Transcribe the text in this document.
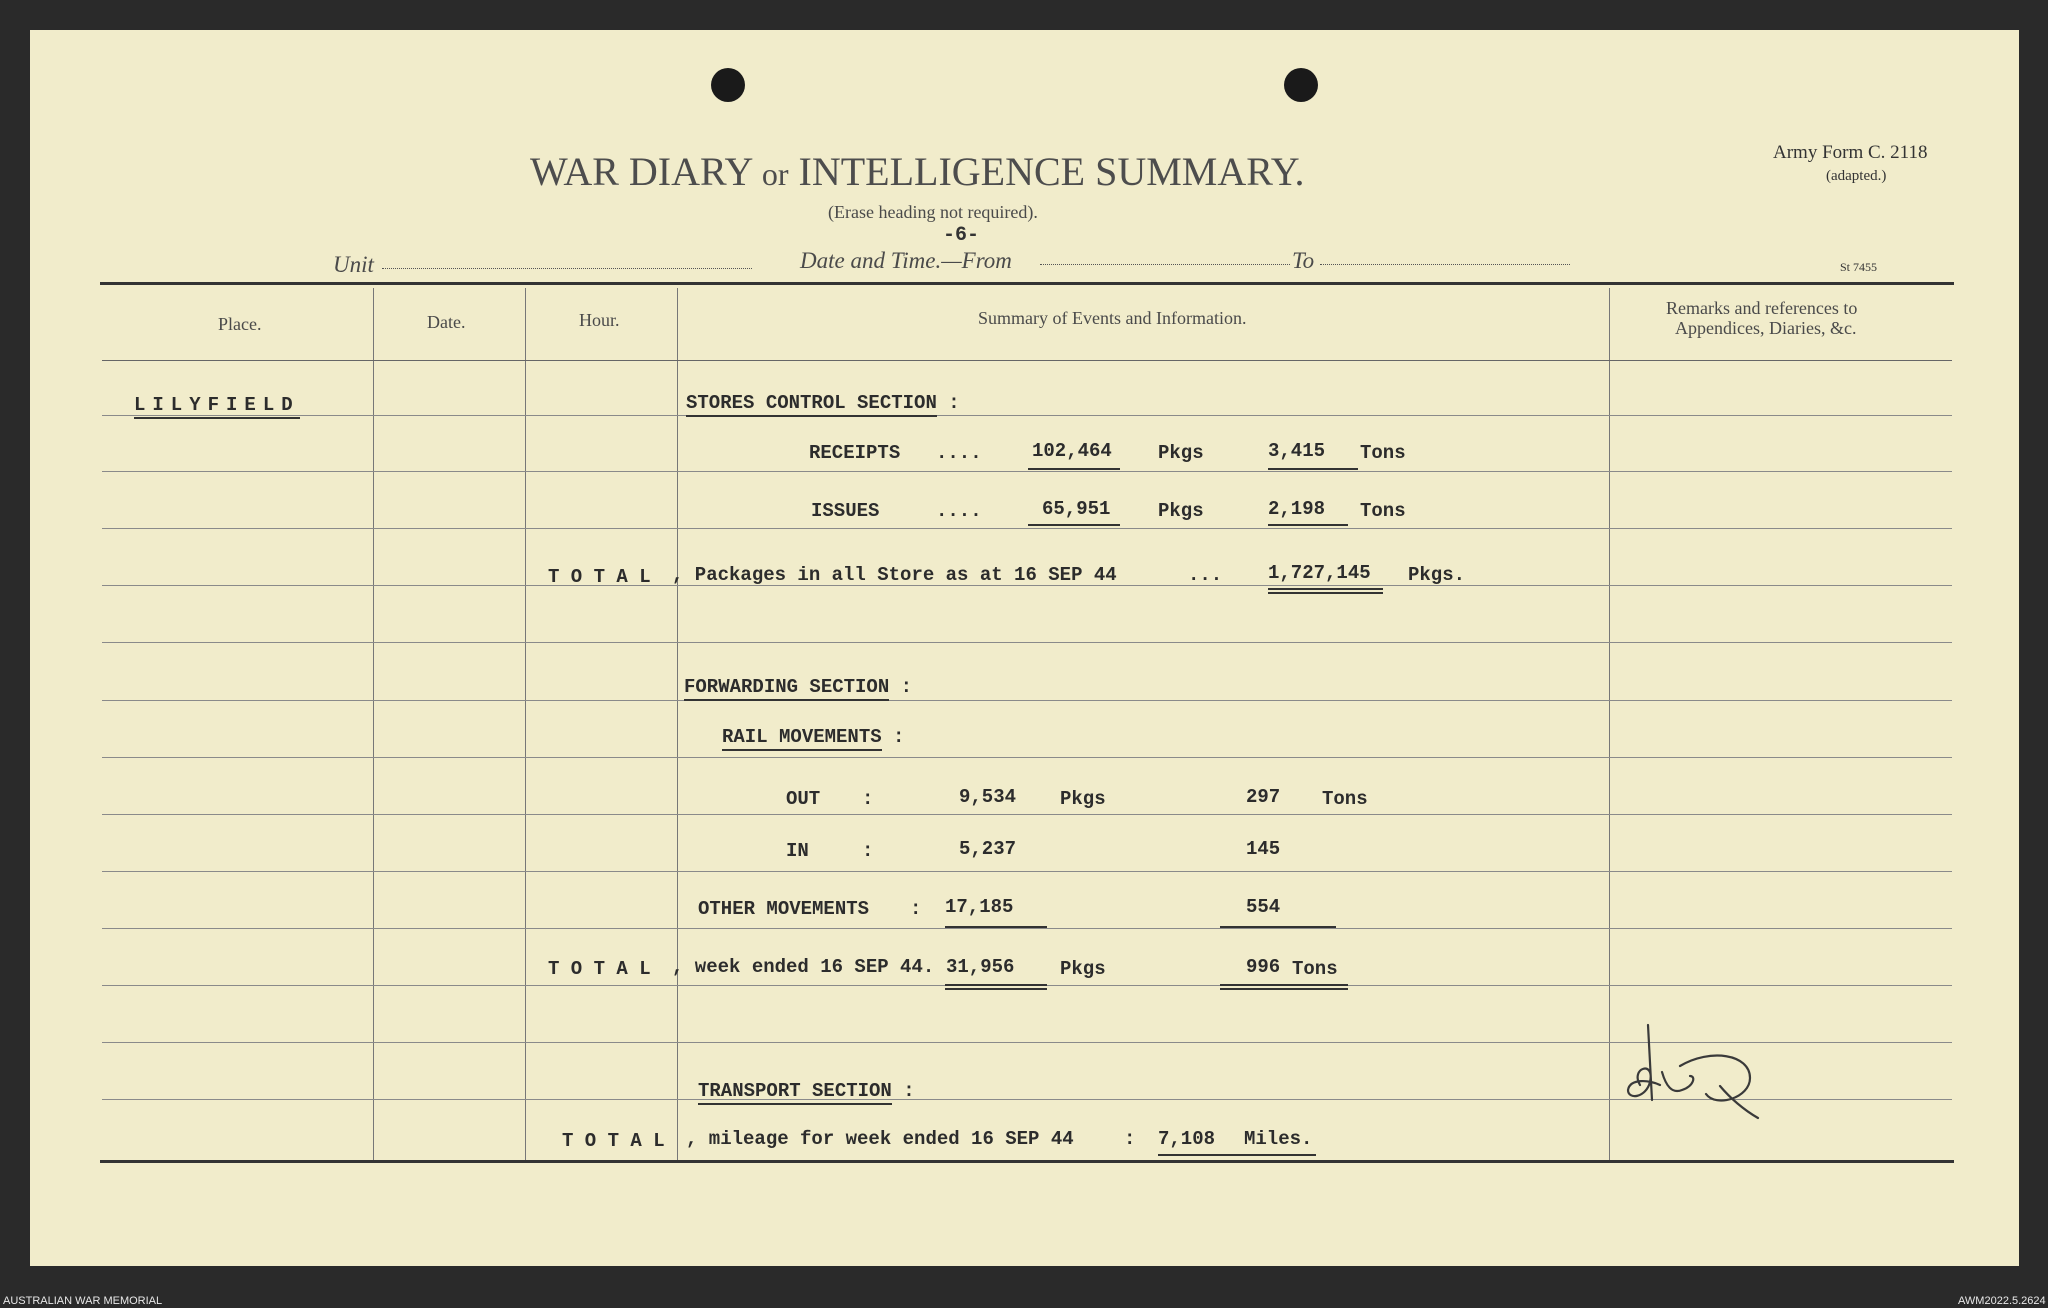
WAR DIARY or INTELLIGENCE SUMMARY.
(Erase heading not required).
-6-
Army Form C. 2118
(adapted.)
Unit	Date and Time.—From	To	St 7455
Place.	Date.	Hour.	Summary of Events and Information.	Remarks and references to
Appendices, Diaries, &c.
LILYFIELD	STORES CONTROL SECTION :
RECEIPTS ....	102,464 Pkgs	3,415 Tons
ISSUES	....	65,951	Pkgs	2,198 Tons
T O T A L , Packages in all Store as at 16 SEP 44	... 1,727,145 Pkgs.
FORWARDING SECTION :
RAIL MOVEMENTS :
OUT :	9,534 Pkgs	297 Tons
IN	:	5,237	145
OTHER MOVEMENTS : 17,185	554
T O T A L , week ended 16 SEP 44. 31,956 Pkgs	996 Tons
TRANSPORT SECTION :
T O T A L , mileage for week ended 16 SEP 44	: 7,108 Miles.
AUSTRALIAN WAR MEMORIAL	AWM2022.5.2624
